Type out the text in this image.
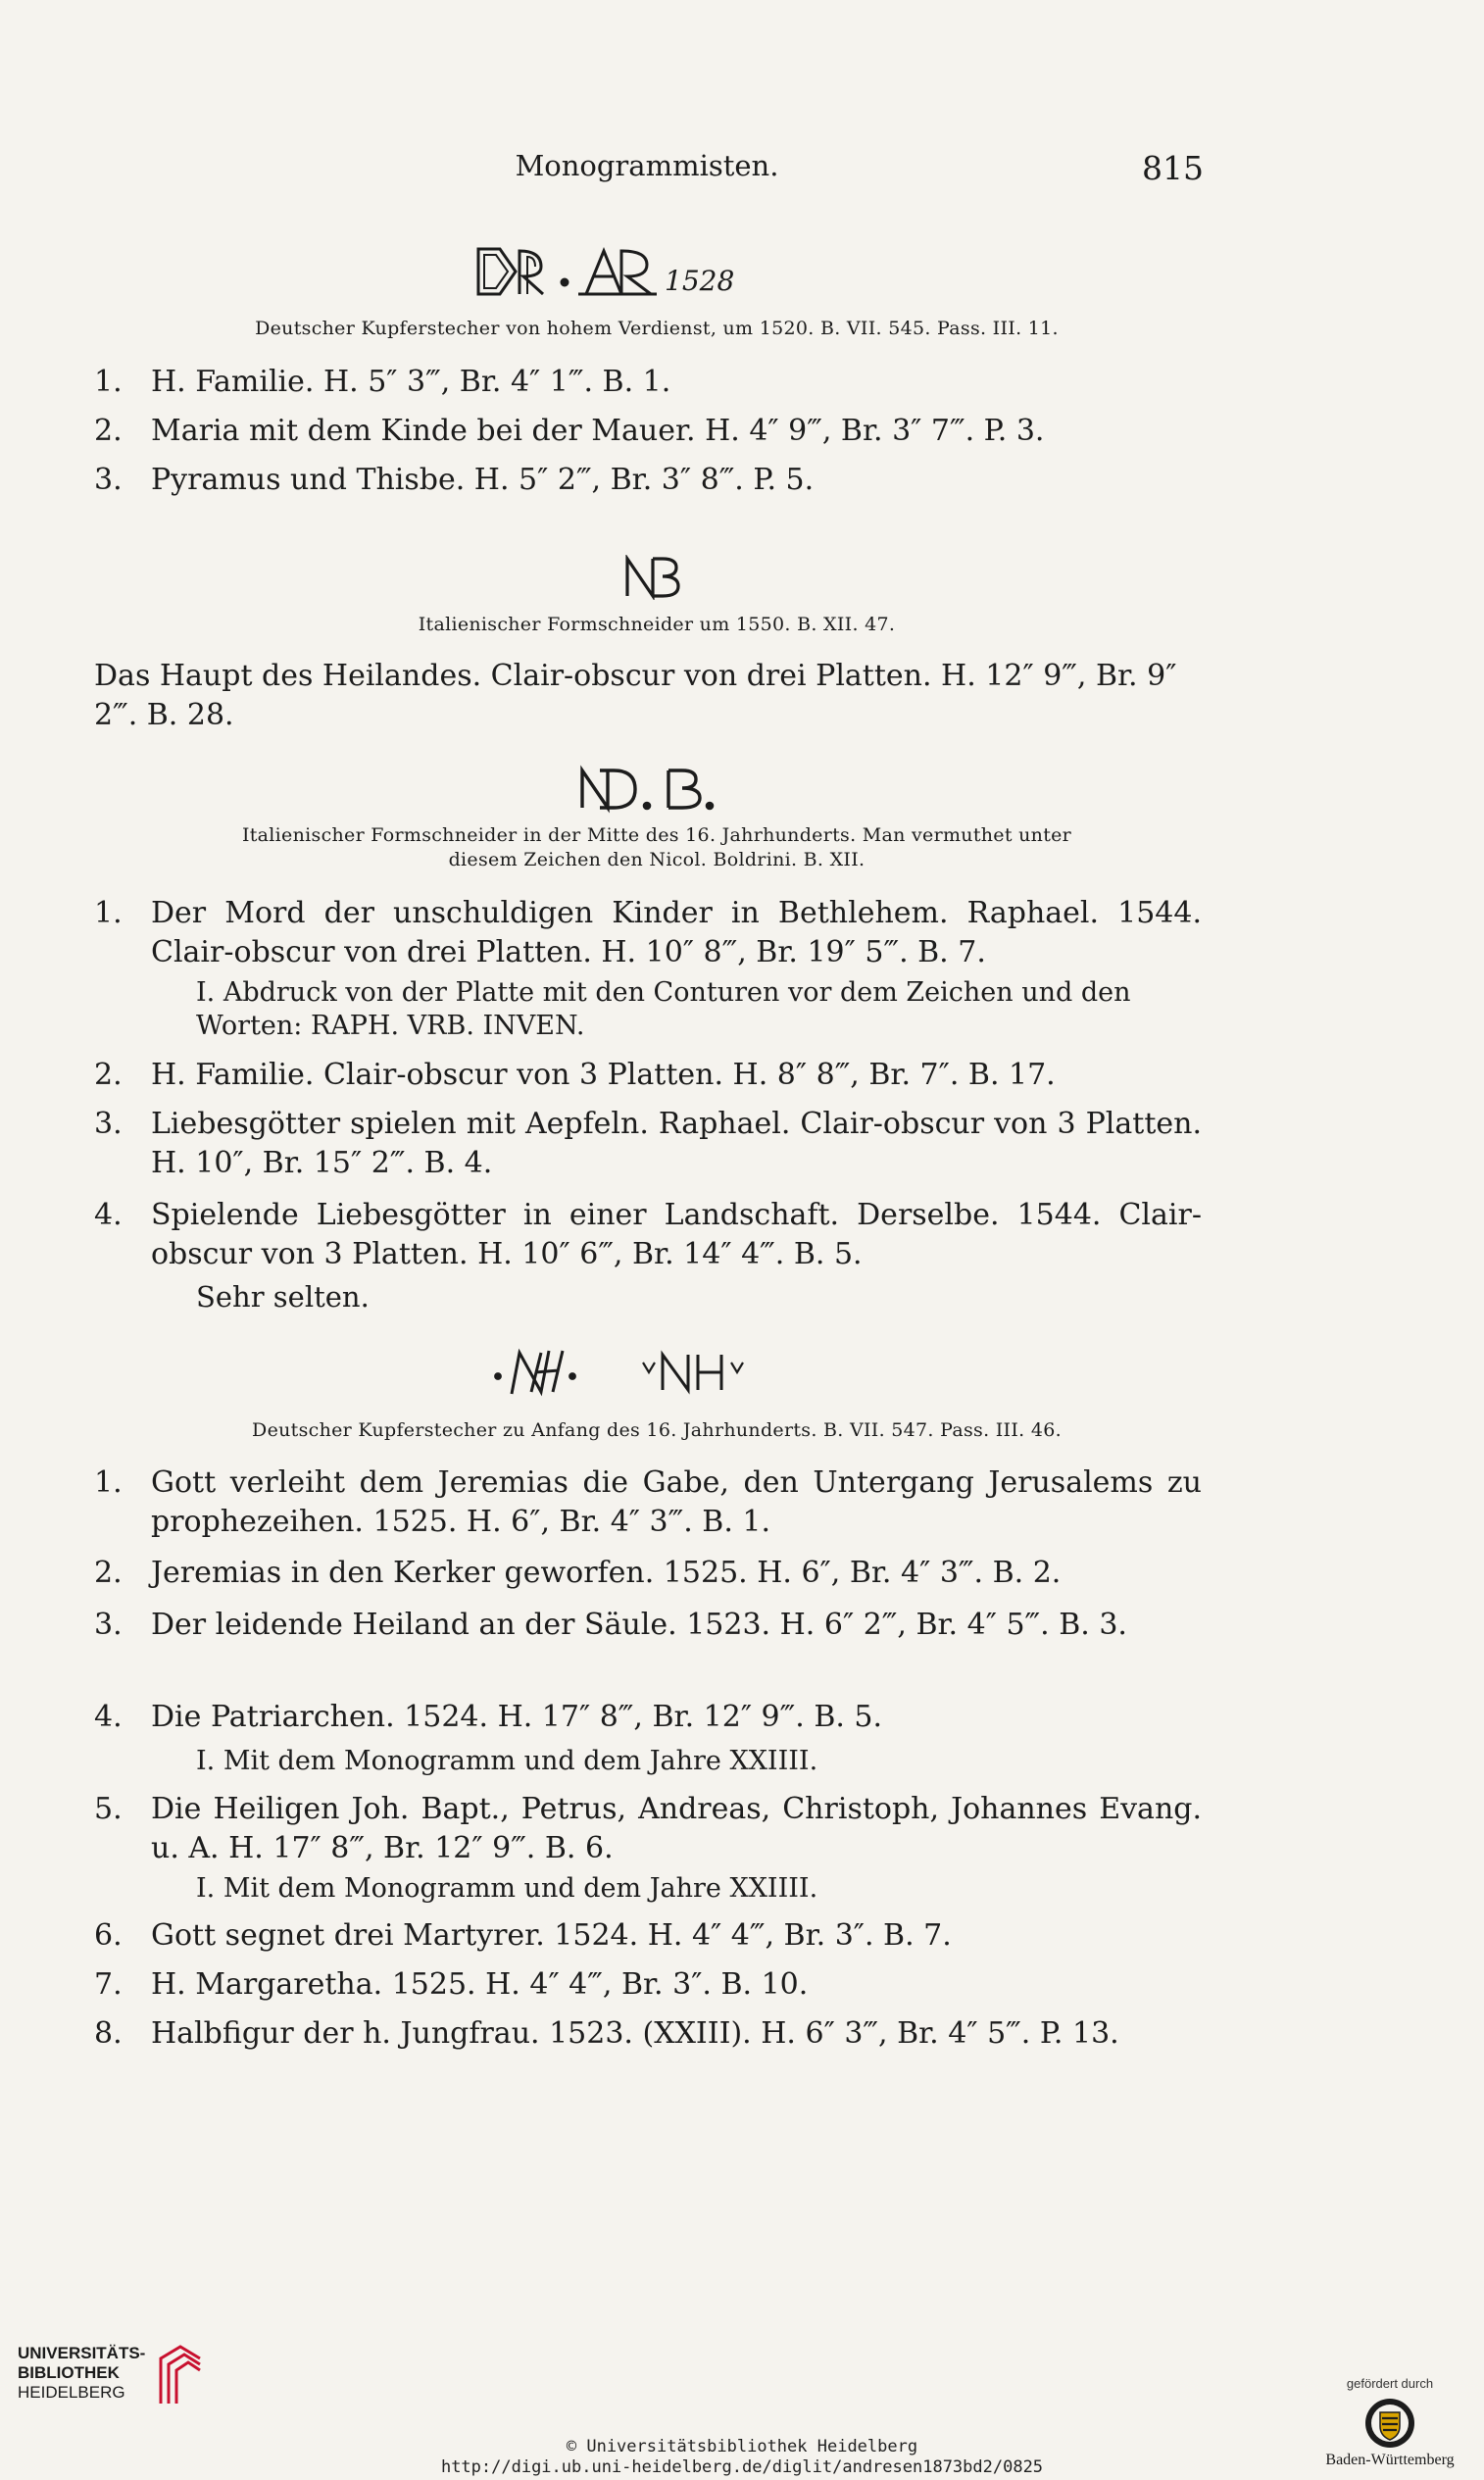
Monogrammisten.	815
1528
Deutscher Kupferstecher von hohem Verdienst, um 1520. B. VII. 545. Pass. III. 11.
1. H. Familie. H. 5″ 3‴, Br. 4″ 1‴. B. 1.
2. Maria mit dem Kinde bei der Mauer. H. 4″ 9‴, Br. 3″ 7‴. P. 3.
3. Pyramus und Thisbe. H. 5″ 2‴, Br. 3″ 8‴. P. 5.
Italienischer Formschneider um 1550. B. XII. 47.
Das Haupt des Heilandes. Clair-obscur von drei Platten. H. 12″ 9‴, Br. 9″ 2‴. B. 28.
Italienischer Formschneider in der Mitte des 16. Jahrhunderts. Man vermuthet unter
diesem Zeichen den Nicol. Boldrini. B. XII.
1. Der Mord der unschuldigen Kinder in Bethlehem. Raphael. 1544. Clair-obscur von drei Platten. H. 10″ 8‴, Br. 19″ 5‴. B. 7.
I. Abdruck von der Platte mit den Conturen vor dem Zeichen und den Worten: RAPH. VRB. INVEN.
2. H. Familie. Clair-obscur von 3 Platten. H. 8″ 8‴, Br. 7″. B. 17.
3. Liebesgötter spielen mit Aepfeln. Raphael. Clair-obscur von 3 Platten. H. 10″, Br. 15″ 2‴. B. 4.
4. Spielende Liebesgötter in einer Landschaft. Derselbe. 1544. Clair-obscur von 3 Platten. H. 10″ 6‴, Br. 14″ 4‴. B. 5.
Sehr selten.
Deutscher Kupferstecher zu Anfang des 16. Jahrhunderts. B. VII. 547. Pass. III. 46.
1. Gott verleiht dem Jeremias die Gabe, den Untergang Jerusalems zu prophezeihen. 1525. H. 6″, Br. 4″ 3‴. B. 1.
2. Jeremias in den Kerker geworfen. 1525. H. 6″, Br. 4″ 3‴. B. 2.
3. Der leidende Heiland an der Säule. 1523. H. 6″ 2‴, Br. 4″ 5‴. B. 3.
4. Die Patriarchen. 1524. H. 17″ 8‴, Br. 12″ 9‴. B. 5.
I. Mit dem Monogramm und dem Jahre XXIIII.
5. Die Heiligen Joh. Bapt., Petrus, Andreas, Christoph, Johannes Evang. u. A. H. 17″ 8‴, Br. 12″ 9‴. B. 6.
I. Mit dem Monogramm und dem Jahre XXIIII.
6. Gott segnet drei Martyrer. 1524. H. 4″ 4‴, Br. 3″. B. 7.
7. H. Margaretha. 1525. H. 4″ 4‴, Br. 3″. B. 10.
8. Halbfigur der h. Jungfrau. 1523. (XXIII). H. 6″ 3‴, Br. 4″ 5‴. P. 13.
UNIVERSITÄTS-
BIBLIOTHEK
HEIDELBERG
© Universitätsbibliothek Heidelberg
http://digi.ub.uni-heidelberg.de/diglit/andresen1873bd2/0825
gefördert durch
Baden-Württemberg
